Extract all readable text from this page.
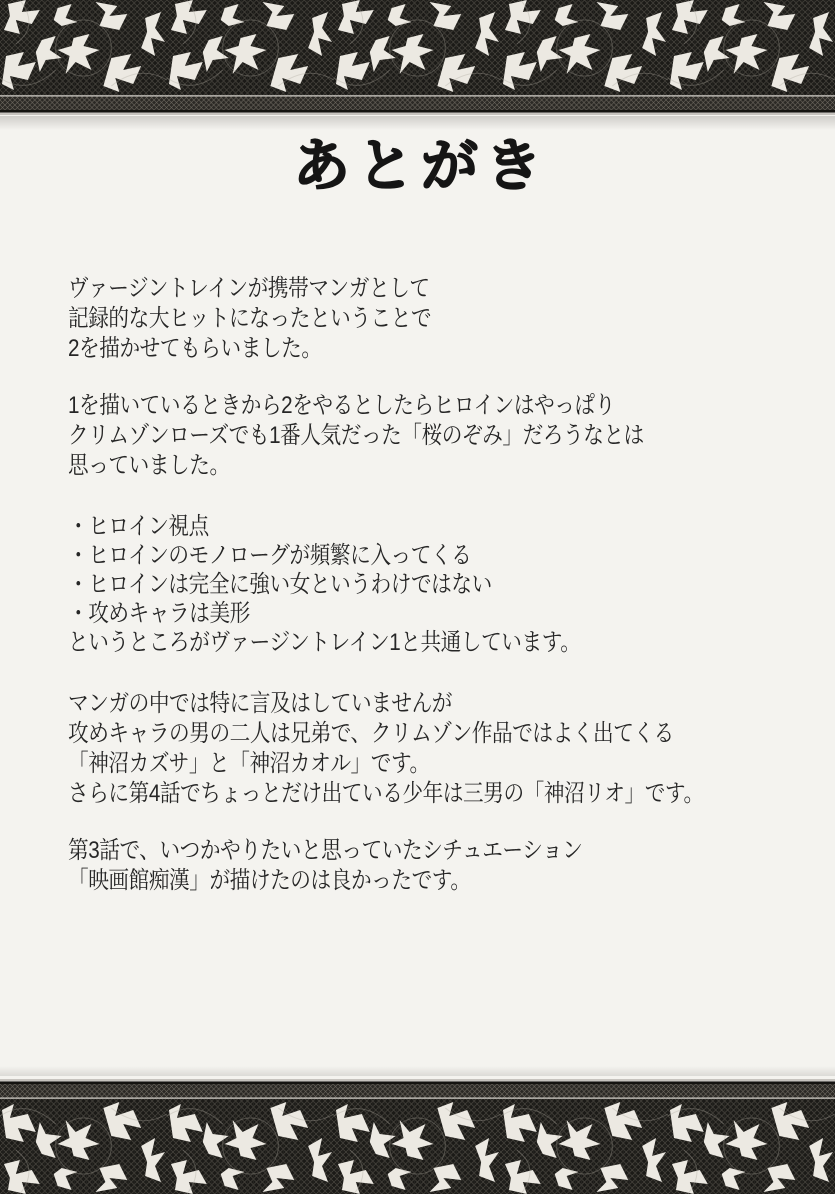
あとがき
ヴァージントレインが携帯マンガとして
記録的な大ヒットになったということで
2を描かせてもらいました。
1を描いているときから2をやるとしたらヒロインはやっぱり
クリムゾンローズでも1番人気だった「桜のぞみ」だろうなとは
思っていました。
・ヒロイン視点
・ヒロインのモノローグが頻繁に入ってくる
・ヒロインは完全に強い女というわけではない
・攻めキャラは美形
というところがヴァージントレイン1と共通しています。
マンガの中では特に言及はしていませんが
攻めキャラの男の二人は兄弟で、クリムゾン作品ではよく出てくる
「神沼カズサ」と「神沼カオル」です。
さらに第4話でちょっとだけ出ている少年は三男の「神沼リオ」です。
第3話で、いつかやりたいと思っていたシチュエーション
「映画館痴漢」が描けたのは良かったです。
